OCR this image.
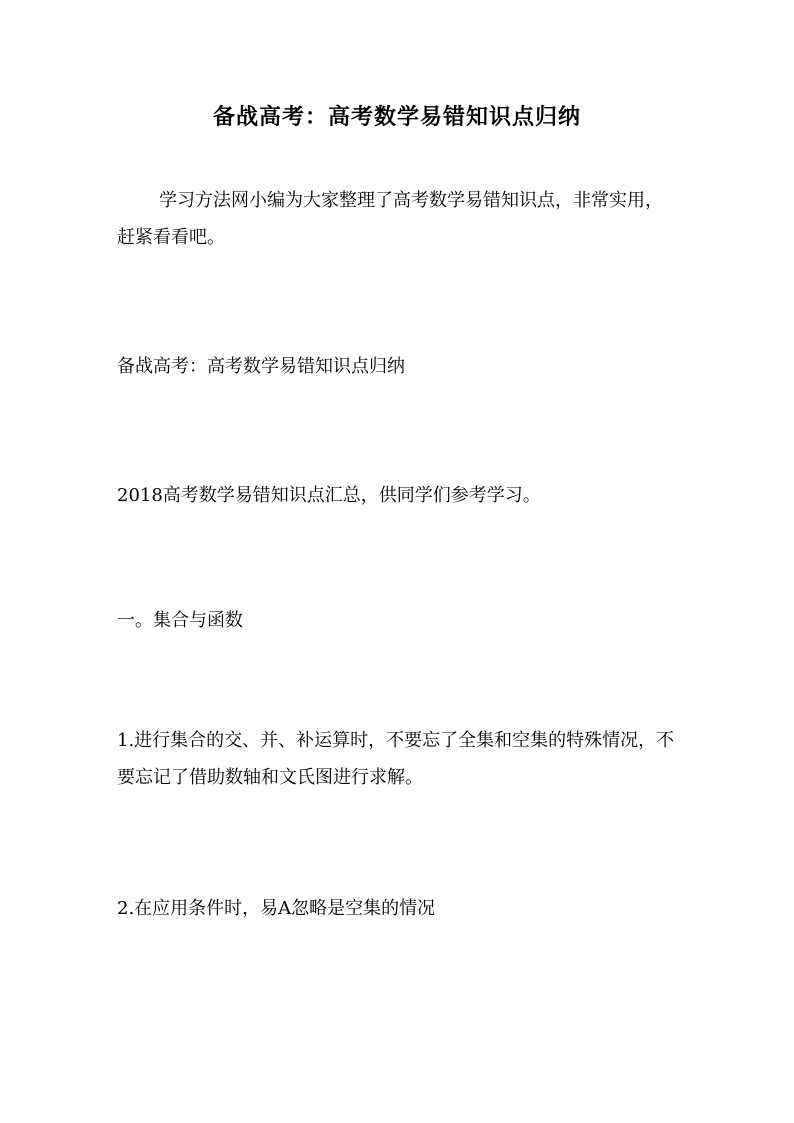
备战高考：高考数学易错知识点归纳

学习方法网小编为大家整理了高考数学易错知识点，非常实用，赶紧看看吧。

备战高考：高考数学易错知识点归纳

2018高考数学易错知识点汇总，供同学们参考学习。

一。集合与函数

1.进行集合的交、并、补运算时，不要忘了全集和空集的特殊情况，不要忘记了借助数轴和文氏图进行求解。

2.在应用条件时，易A忽略是空集的情况
